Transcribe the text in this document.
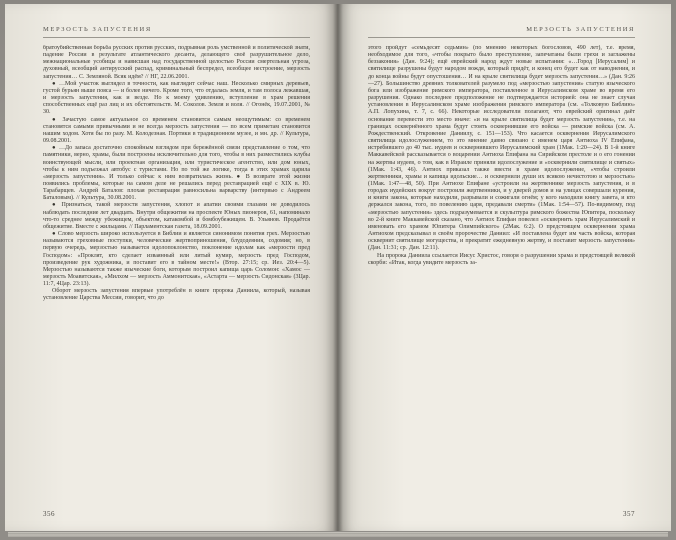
МЕРЗОСТЬ ЗАПУСТЕНИЯ

братоубийственная борьба русских против русских, подрывная роль умственной и политической знати, падение России в результате атлантического десанта, делающего своё разрушительное дело, межнациональные усобицы и нависшая над государственной целостью России смертельная угроза, духовный, всеобщий антирусский распад, криминальный беспредел, всеобщее нестроение, мерзость запустения… С. Земляной. Всяк идём? // НГ, 22.06.2001.

● …Мой участок выглядел в точности, как выглядит сейчас наш. Несколько смирных деревьев, густой бурьян выше пояса — и более ничего. Кроме того, что отдалась земля, и там полоса лежавшая, и мерзость запустения, как и везде. Но к моему удивлению, вступление в храм решения способственных ещё раз лиц и их обстоятельств. М. Соколов. Земля и воля. // Огонёк, 19.07.2001, № 30.

● Зачастую самое актуальное со временем становится самым неощутимым: со временем становятся самыми привычными и не всегда мерзость запустения — по всем приметам становится нашим ходом. Хотя бы по разу. М. Колодезная. Портики в традиционном музее, и мн. др. // Культура, 09.08.2001.

● …До запаса достаточно спокойным взглядом при бережённой связи представление о том, что памятники, верно, храмы, были построены исключительно для того, чтобы в них разместились клубы воинствующей мысли, или проектная организация, или туристическое агентство, или дом юных, чтобы к ним подъезжал автобус с туристами. Но по той же логике, тогда в этих храмах царила «мерзость запустения». И только сейчас к ним возвратилась жизнь. ● В возврате этой жизни появились проблемы, которые на самом деле не решались перед реставрацией ещё с XIX в. Ю. Тарабарщев. Андрей Баталов: плохая реставрация равносильна варварству (интервью с Андреем Баталовым). // Культура, 30.08.2001.

● Признаться, такой мерзости запустения, хлопот и апатии своими глазами не доводилось наблюдать последние лет двадцать. Внутри общежития на проспекте Юных пионеров, 61, напоминало что-то среднее между убежищем, объектом, катакомбой и бомбоубежищем. В. Ульянов. Продаётся общежитие. Вместе с жильцами. // Парламентская газета, 18.09.2001.

● Слово мерзость широко используется в Библии и является синонимом понятия грех. Мерзостью называются греховные поступки, человеческие жертвоприношения, блудодеяния, содомия; но, в первую очередь, мерзостью называется идолопоклонство, поклонение идолам как «мерзости пред Господом»: «Проклят, кто сделает изваянный или литый кумир, мерзость пред Господом, произведение рук художника, и поставит его в тайном месте!» (Втор. 27:15; ср. Иез. 20:4—5). Мерзостью называются также языческие боги, которым построил капища царь Соломон: «Хамос — мерзость Моавитская», «Милхом — мерзость Аммонитская», «Астарта — мерзость Сидонская» (3Цар. 11:7, 4Цар. 23:13).

Оборот мерзость запустения впервые употреблён в книге пророка Даниила, который, называя установление Царства Мессии, говорит, что до

356
МЕРЗОСТЬ ЗАПУСТЕНИЯ

этого пройдут «семьдесят седьмин» (по мнению некоторых богословов, 490 лет), т.е. время, необходимое для того, «чтобы покрыто было преступление, запечатаны были грехи и заглажены беззакония» (Дан. 9:24); ещё еврейский народ ждут новые испытания: «…Город [Иерусалим] и святилище разрушены будут народом вождя, который придёт, и конец его будет как от наводнения, и до конца войны будут опустошения… И на крыле святилища будет мерзость запустения…» (Дан. 9:26—27). Большинство древних толкователей разумело под «мерзостью запустения» статую языческого бога или изображение римского императора, поставленное в Иерусалимском храме во время его разрушения. Однако последнее предположение не подтверждается историей: она не знает случая установления в Иерусалимском храме изображения римского императора (см. «Толковую Библию» А.П. Лопухина, т. 7, с. 66). Некоторые исследователи полагают, что еврейский оригинал даёт основание перевести это место иначе: «и на крыле святилища будет мерзость запустения», т.е. на границах осквернённого храма будут стоять осквернившие его войска — римские войска (см. А. Рождественский. Откровение Даниилу, с. 151—153). Что касается осквернения Иерусалимского святилища идолослужением, то это мнение давно связано с именем царя Антиоха IV Епифана, истребившего до 40 тыс. иудеев и осквернившего Иерусалимский храм (1Мак. 1:20—24). В 1-й книге Маккавейской рассказывается о воцарении Антиоха Епифана на Сирийском престоле и о его гонении на жертвы иудеев, о том, как в Израиле приняли идолослужение и «осквернили святилище и святых» (1Мак. 1:43, 46). Антиох приказал также ввести в храме идолослужение, «чтобы строили жертвенники, храмы и капища идольские… и осквернили души их всякою нечистотою и мерзостью» (1Мак. 1:47—48, 50). При Антиохе Епифане «устроили на жертвеннике мерзость запустения, и в городах иудейских вокруг построили жертвенники, и у дверей домов и на улицах совершали курения, и книги закона, которые находили, разрывали и сожигали огнём; у кого находили книгу завета, и кто держался закона, того, по повелению царя, предавали смерти» (1Мак. 1:54—57). По-видимому, под «мерзостью запустения» здесь подразумевается и скульптура римского божества Юпитера, поскольку во 2-й книге Маккавейской сказано, что Антиох Епифан повелел «осквернить храм Иерусалимский и именовать его храмом Юпитера Олимпийского» (2Мак. 6:2). О предстоящем осквернении храма Антиохом предсказывал в своём пророчестве Даниил: «И поставлена будет им часть войска, которая осквернит святилище могущества, и прекратит ежедневную жертву, и поставит мерзость запустения» (Дан. 11:31; ср. Дан. 12:11).

На пророка Даниила ссылается Иисус Христос, говоря о разрушении храма и предстоящей великой скорби: «Итак, когда увидите мерзость за-

357
